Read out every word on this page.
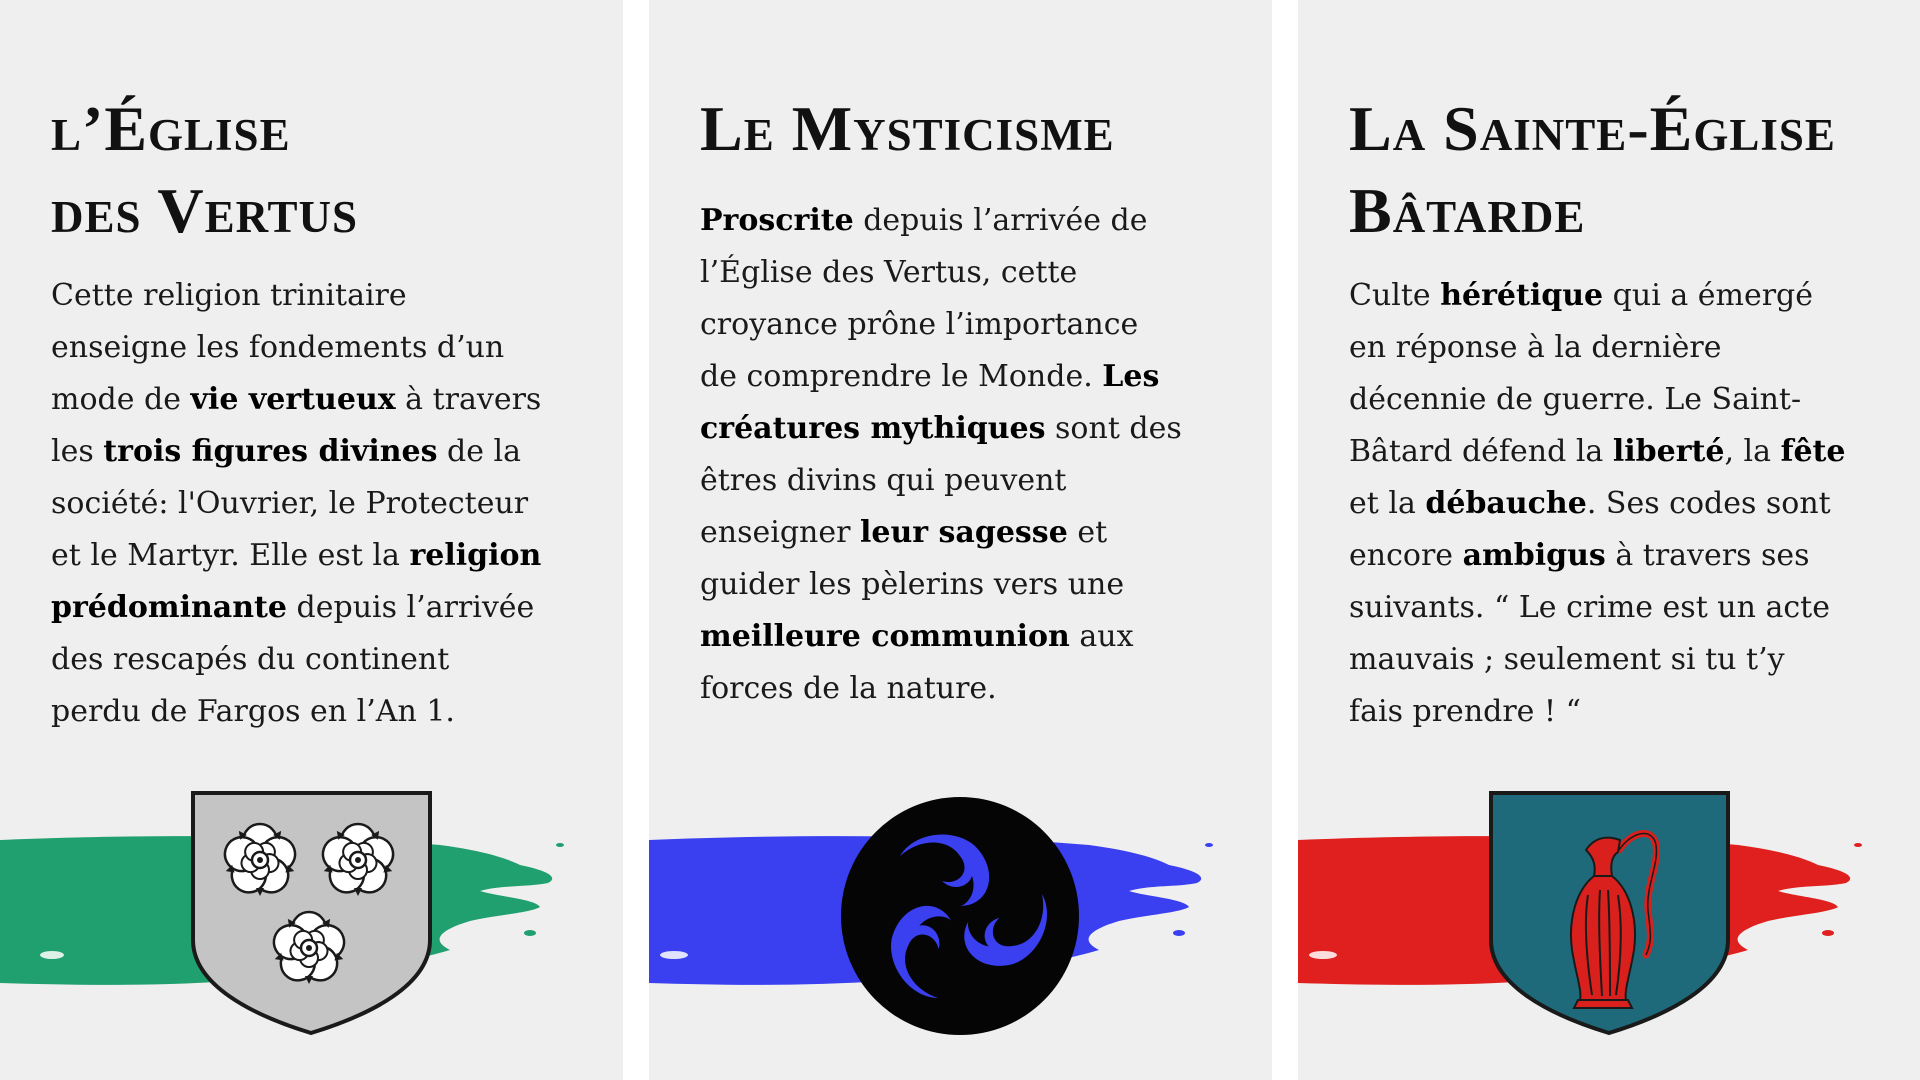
l’Église
des Vertus
Cette religion trinitaire
enseigne les fondements d’un
mode de vie vertueux à travers
les trois figures divines de la
société: l'Ouvrier, le Protecteur
et le Martyr. Elle est la religion
prédominante depuis l’arrivée
des rescapés du continent
perdu de Fargos en l’An 1.
Le Mysticisme
Proscrite depuis l’arrivée de
l’Église des Vertus, cette
croyance prône l’importance
de comprendre le Monde. Les
créatures mythiques sont des
êtres divins qui peuvent
enseigner leur sagesse et
guider les pèlerins vers une
meilleure communion aux
forces de la nature.
La Sainte-Église
Bâtarde
Culte hérétique qui a émergé
en réponse à la dernière
décennie de guerre. Le Saint-
Bâtard défend la liberté, la fête
et la débauche. Ses codes sont
encore ambigus à travers ses
suivants. “ Le crime est un acte
mauvais ; seulement si tu t’y
fais prendre ! “
